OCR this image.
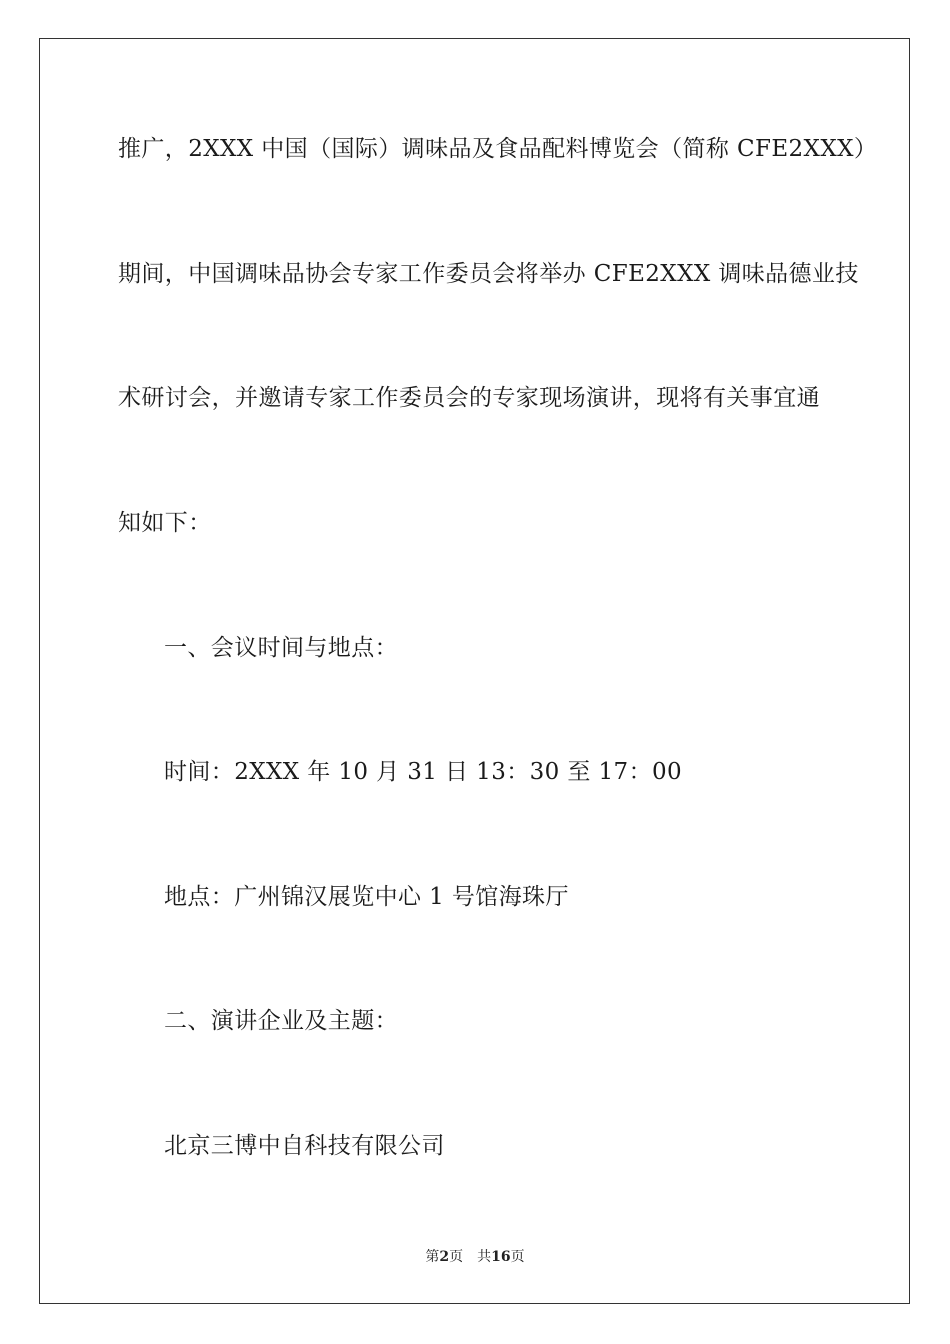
推广，2XXX 中国（国际）调味品及食品配料博览会（简称 CFE2XXX）
期间，中国调味品协会专家工作委员会将举办 CFE2XXX 调味品德业技
术研讨会，并邀请专家工作委员会的专家现场演讲，现将有关事宜通
知如下：
一、会议时间与地点：
时间：2XXX 年 10 月 31 日 13：30 至 17：00
地点：广州锦汉展览中心 1 号馆海珠厅
二、演讲企业及主题：
北京三博中自科技有限公司
第2页 共16页
